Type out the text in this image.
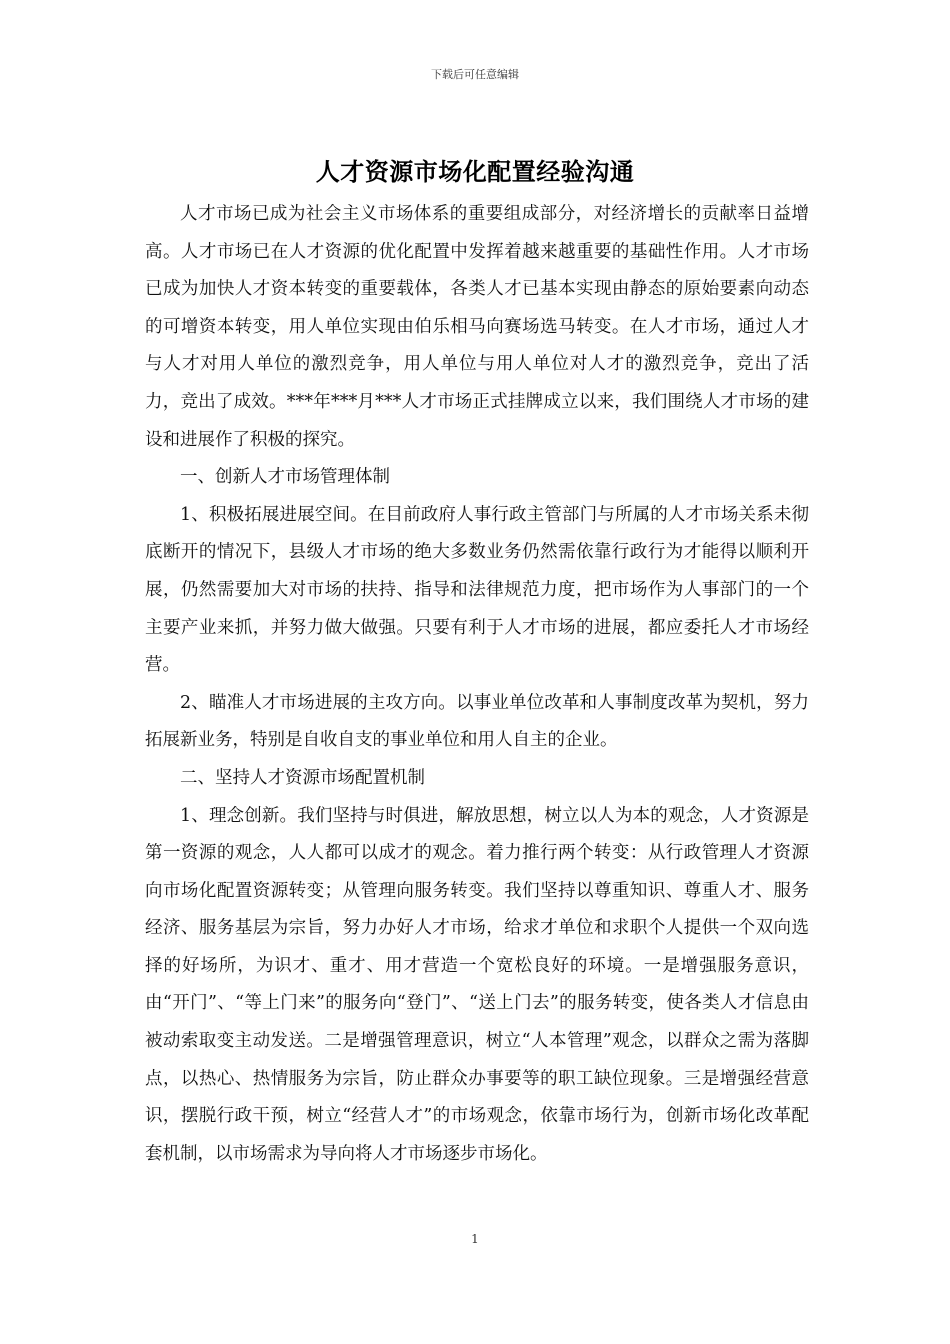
下载后可任意编辑
人才资源市场化配置经验沟通

人才市场已成为社会主义市场体系的重要组成部分，对经济增长的贡献率日益增高。人才市场已在人才资源的优化配置中发挥着越来越重要的基础性作用。人才市场已成为加快人才资本转变的重要载体，各类人才已基本实现由静态的原始要素向动态的可增资本转变，用人单位实现由伯乐相马向赛场选马转变。在人才市场，通过人才与人才对用人单位的激烈竞争，用人单位与用人单位对人才的激烈竞争，竞出了活力，竞出了成效。***年***月***人才市场正式挂牌成立以来，我们围绕人才市场的建设和进展作了积极的探究。

一、创新人才市场管理体制

1、积极拓展进展空间。在目前政府人事行政主管部门与所属的人才市场关系未彻底断开的情况下，县级人才市场的绝大多数业务仍然需依靠行政行为才能得以顺利开展，仍然需要加大对市场的扶持、指导和法律规范力度，把市场作为人事部门的一个主要产业来抓，并努力做大做强。只要有利于人才市场的进展，都应委托人才市场经营。

2、瞄准人才市场进展的主攻方向。以事业单位改革和人事制度改革为契机，努力拓展新业务，特别是自收自支的事业单位和用人自主的企业。

二、坚持人才资源市场配置机制

1、理念创新。我们坚持与时俱进，解放思想，树立以人为本的观念，人才资源是第一资源的观念，人人都可以成才的观念。着力推行两个转变：从行政管理人才资源向市场化配置资源转变；从管理向服务转变。我们坚持以尊重知识、尊重人才、服务经济、服务基层为宗旨，努力办好人才市场，给求才单位和求职个人提供一个双向选择的好场所，为识才、重才、用才营造一个宽松良好的环境。一是增强服务意识，由“开门”、“等上门来”的服务向“登门”、“送上门去”的服务转变，使各类人才信息由被动索取变主动发送。二是增强管理意识，树立“人本管理”观念，以群众之需为落脚点，以热心、热情服务为宗旨，防止群众办事要等的职工缺位现象。三是增强经营意识，摆脱行政干预，树立“经营人才”的市场观念，依靠市场行为，创新市场化改革配套机制，以市场需求为导向将人才市场逐步市场化。

1
